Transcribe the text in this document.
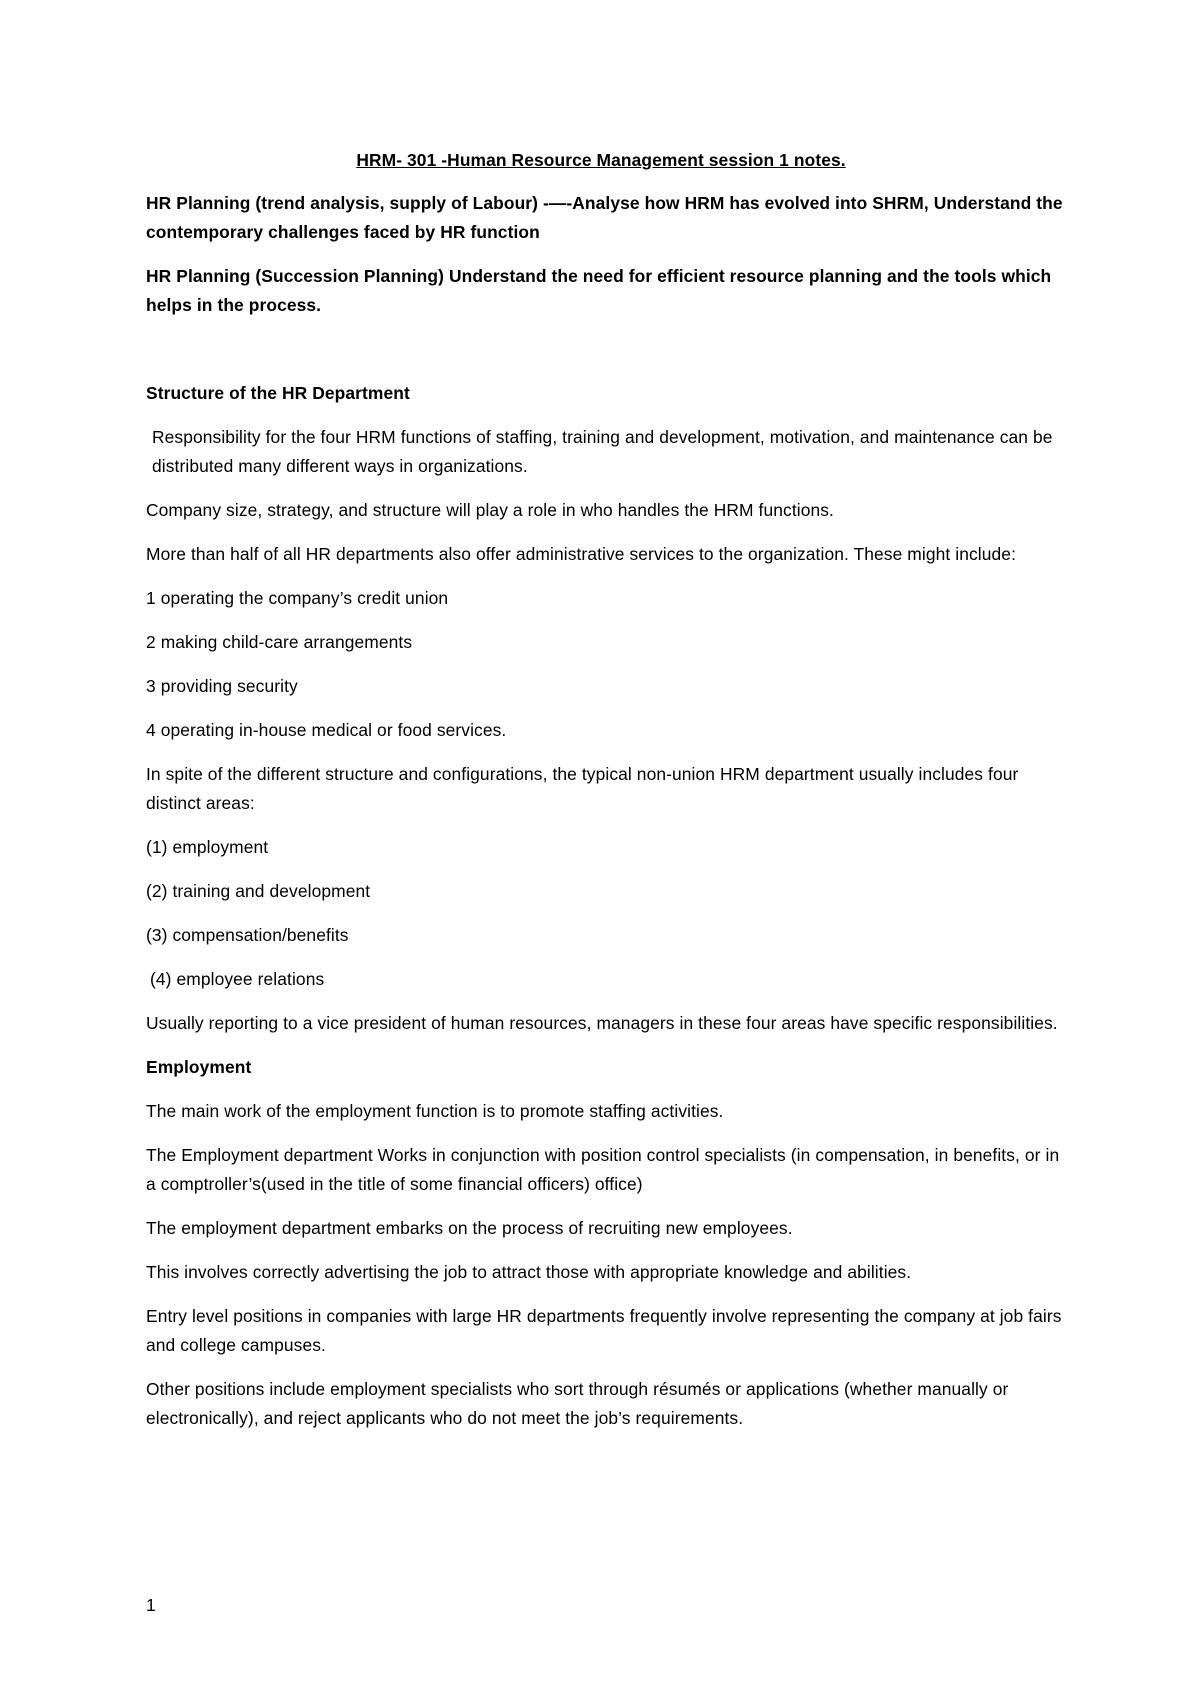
HRM- 301 -Human Resource Management session 1 notes.

HR Planning (trend analysis, supply of Labour) -—-Analyse how HRM has evolved into SHRM, Understand the contemporary challenges faced by HR function

HR Planning (Succession Planning) Understand the need for efficient resource planning and the tools which helps in the process.

Structure of the HR Department

Responsibility for the four HRM functions of staffing, training and development, motivation, and maintenance can be distributed many different ways in organizations.

Company size, strategy, and structure will play a role in who handles the HRM functions.

More than half of all HR departments also offer administrative services to the organization. These might include:

1 operating the company’s credit union

2 making child-care arrangements

3 providing security

4 operating in-house medical or food services.

In spite of the different structure and configurations, the typical non-union HRM department usually includes four distinct areas:

(1) employment

(2) training and development

(3) compensation/benefits

(4) employee relations

Usually reporting to a vice president of human resources, managers in these four areas have specific responsibilities.

Employment

The main work of the employment function is to promote staffing activities.

The Employment department Works in conjunction with position control specialists (in compensation, in benefits, or in a comptroller’s(used in the title of some financial officers) office)

The employment department embarks on the process of recruiting new employees.

This involves correctly advertising the job to attract those with appropriate knowledge and abilities.

Entry level positions in companies with large HR departments frequently involve representing the company at job fairs and college campuses.

Other positions include employment specialists who sort through résumés or applications (whether manually or electronically), and reject applicants who do not meet the job’s requirements.

1
